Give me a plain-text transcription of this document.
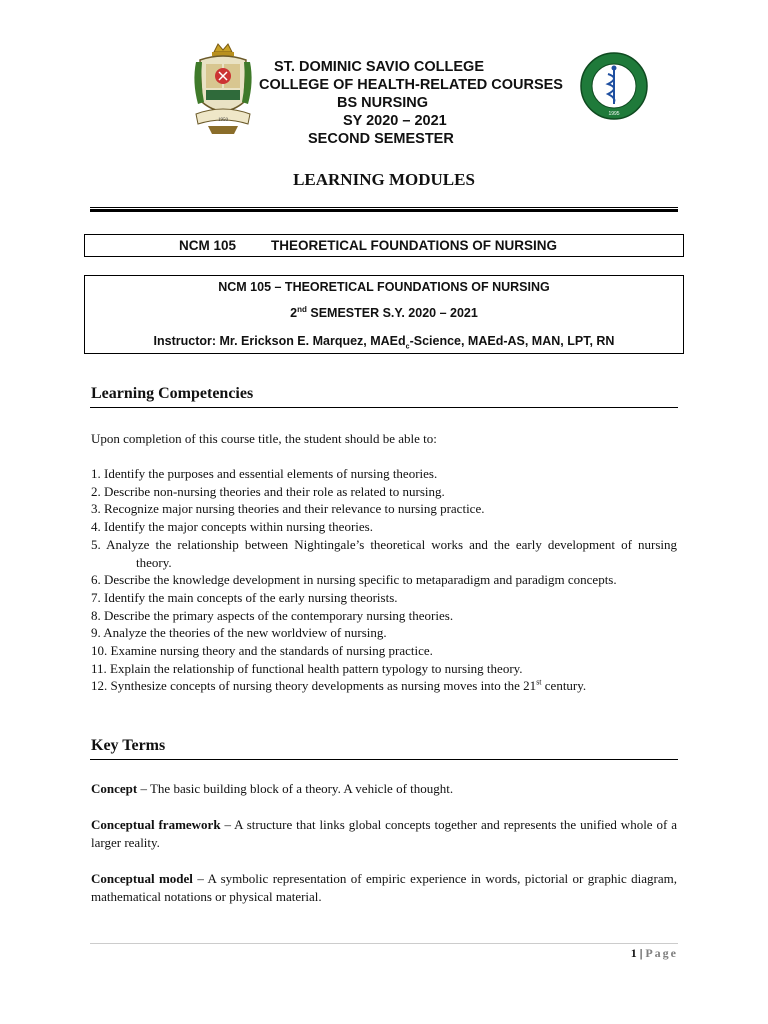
1950
1995
ST. DOMINIC SAVIO COLLEGE
COLLEGE OF HEALTH-RELATED COURSES
BS NURSING
SY 2020 – 2021
SECOND SEMESTER
LEARNING MODULES
NCM 105	THEORETICAL FOUNDATIONS OF NURSING
NCM 105 – THEORETICAL FOUNDATIONS OF NURSING
2nd SEMESTER S.Y. 2020 – 2021
Instructor: Mr. Erickson E. Marquez, MAEd$_c$-Science, MAEd-AS, MAN, LPT, RN
Learning Competencies
Upon completion of this course title, the student should be able to:
1. Identify the purposes and essential elements of nursing theories.
2. Describe non-nursing theories and their role as related to nursing.
3. Recognize major nursing theories and their relevance to nursing practice.
4. Identify the major concepts within nursing theories.
5. Analyze the relationship between Nightingale’s theoretical works and the early development of nursing theory.
6. Describe the knowledge development in nursing specific to metaparadigm and paradigm concepts.
7. Identify the main concepts of the early nursing theorists.
8. Describe the primary aspects of the contemporary nursing theories.
9. Analyze the theories of the new worldview of nursing.
10. Examine nursing theory and the standards of nursing practice.
11. Explain the relationship of functional health pattern typology to nursing theory.
12. Synthesize concepts of nursing theory developments as nursing moves into the 21st century.
Key Terms
Concept – The basic building block of a theory. A vehicle of thought.
Conceptual framework – A structure that links global concepts together and represents the unified whole of a larger reality.
Conceptual model – A symbolic representation of empiric experience in words, pictorial or graphic diagram, mathematical notations or physical material.
1 | Page
